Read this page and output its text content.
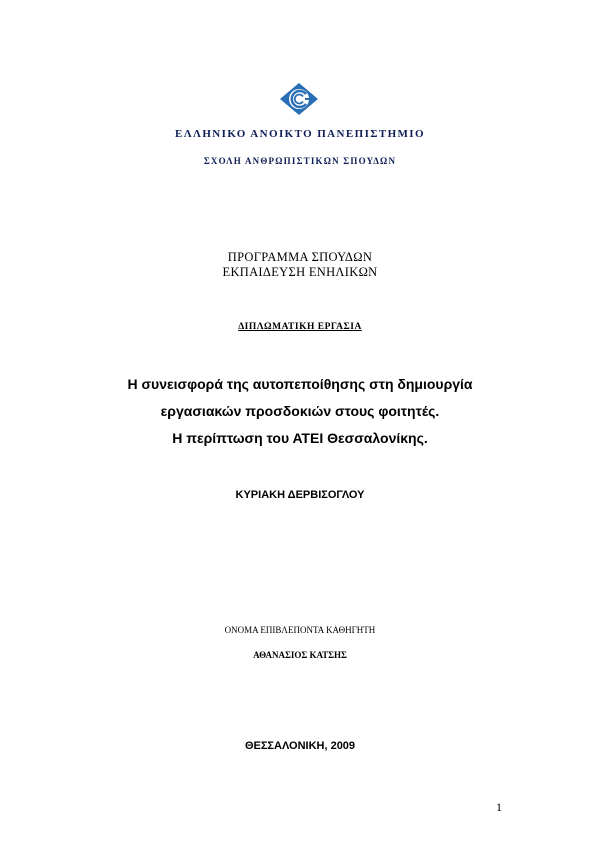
ΕΛΛΗΝΙΚΟ ΑΝΟΙΚΤΟ ΠΑΝΕΠΙΣΤΗΜΙΟ
ΣΧΟΛΗ ΑΝΘΡΩΠΙΣΤΙΚΩΝ ΣΠΟΥΔΩΝ
ΠΡΟΓΡΑΜΜΑ ΣΠΟΥΔΩΝ
ΕΚΠΑΙΔΕΥΣΗ ΕΝΗΛΙΚΩΝ
ΔΙΠΛΩΜΑΤΙΚΗ ΕΡΓΑΣΙΑ
Η συνεισφορά της αυτοπεποίθησης στη δημιουργία
εργασιακών προσδοκιών στους φοιτητές.
Η περίπτωση του ΑΤΕΙ Θεσσαλονίκης.
ΚΥΡΙΑΚΗ ΔΕΡΒΙΣΟΓΛΟΥ
ΟΝΟΜΑ ΕΠΙΒΛΕΠΟΝΤΑ ΚΑΘΗΓΗΤΗ
ΑΘΑΝΑΣΙΟΣ ΚΑΤΣΗΣ
ΘΕΣΣΑΛΟΝΙΚΗ, 2009
1
